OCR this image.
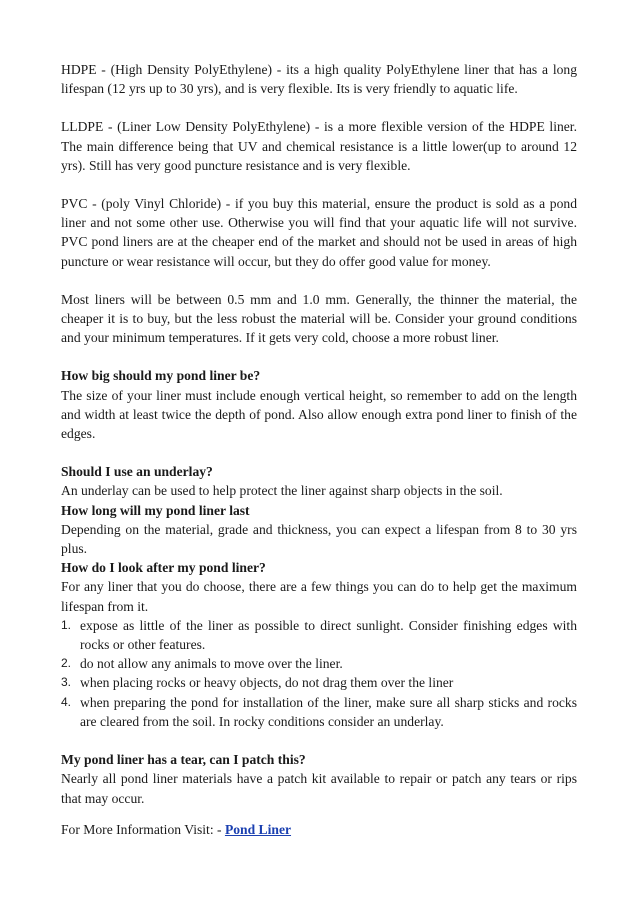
HDPE - (High Density PolyEthylene) - its a high quality PolyEthylene liner that has a long lifespan (12 yrs up to 30 yrs), and is very flexible. Its is very friendly to aquatic life.

LLDPE - (Liner Low Density PolyEthylene) - is a more flexible version of the HDPE liner. The main difference being that UV and chemical resistance is a little lower(up to around 12 yrs). Still has very good puncture resistance and is very flexible.

PVC - (poly Vinyl Chloride) - if you buy this material, ensure the product is sold as a pond liner and not some other use. Otherwise you will find that your aquatic life will not survive. PVC pond liners are at the cheaper end of the market and should not be used in areas of high puncture or wear resistance will occur, but they do offer good value for money.

Most liners will be between 0.5 mm and 1.0 mm. Generally, the thinner the material, the cheaper it is to buy, but the less robust the material will be. Consider your ground conditions and your minimum temperatures. If it gets very cold, choose a more robust liner.

How big should my pond liner be?

The size of your liner must include enough vertical height, so remember to add on the length and width at least twice the depth of pond. Also allow enough extra pond liner to finish of the edges.

Should I use an underlay?

An underlay can be used to help protect the liner against sharp objects in the soil.

How long will my pond liner last

Depending on the material, grade and thickness, you can expect a lifespan from 8 to 30 yrs plus.

How do I look after my pond liner?

For any liner that you do choose, there are a few things you can do to help get the maximum lifespan from it.

1. expose as little of the liner as possible to direct sunlight. Consider finishing edges with rocks or other features.
2. do not allow any animals to move over the liner.
3. when placing rocks or heavy objects, do not drag them over the liner
4. when preparing the pond for installation of the liner, make sure all sharp sticks and rocks are cleared from the soil. In rocky conditions consider an underlay.

My pond liner has a tear, can I patch this?

Nearly all pond liner materials have a patch kit available to repair or patch any tears or rips that may occur.

For More Information Visit: - Pond Liner
